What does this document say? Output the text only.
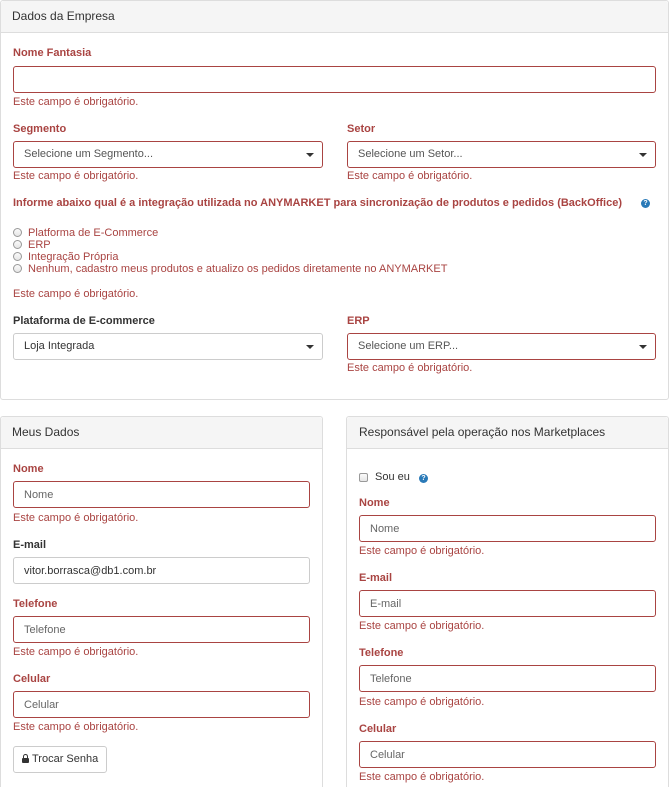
Dados da Empresa
Nome Fantasia
Este campo é obrigatório.
Segmento
Selecione um Segmento...
Este campo é obrigatório.
Setor
Selecione um Setor...
Este campo é obrigatório.
Informe abaixo qual é a integração utilizada no ANYMARKET para sincronização de produtos e pedidos (BackOffice)	?
Platforma de E-Commerce
ERP
Integração Própria
Nenhum, cadastro meus produtos e atualizo os pedidos diretamente no ANYMARKET
Este campo é obrigatório.
Plataforma de E-commerce
Loja Integrada
ERP
Selecione um ERP...
Este campo é obrigatório.
Meus Dados
Nome
Nome
Este campo é obrigatório.
E-mail
vitor.borrasca@db1.com.br
Telefone
Telefone
Este campo é obrigatório.
Celular
Celular
Este campo é obrigatório.
Trocar Senha
Responsável pela operação nos Marketplaces
Sou eu	?
Nome
Nome
Este campo é obrigatório.
E-mail
E-mail
Este campo é obrigatório.
Telefone
Telefone
Este campo é obrigatório.
Celular
Celular
Este campo é obrigatório.
